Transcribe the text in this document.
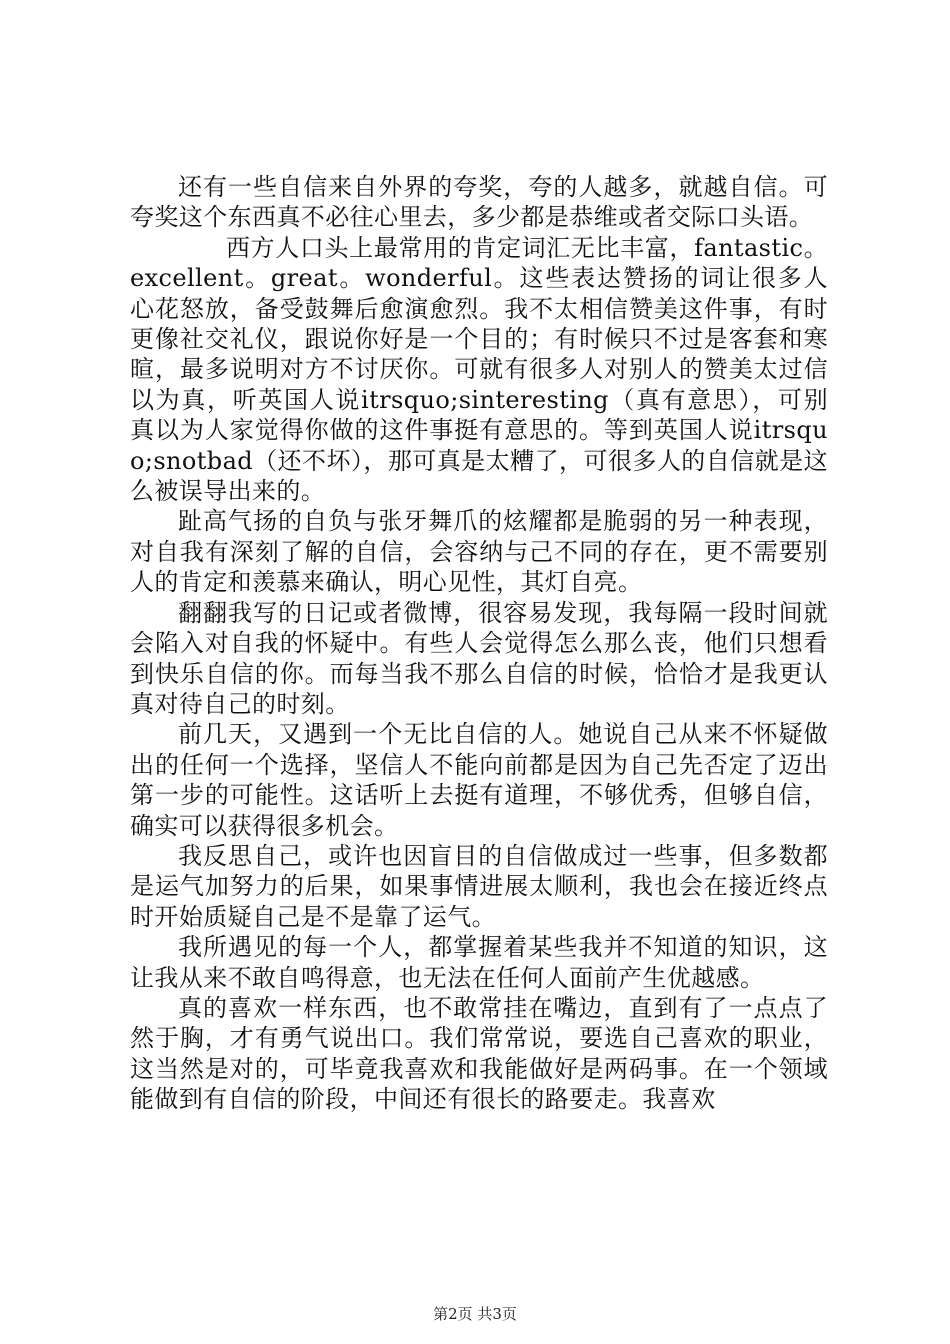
还有一些自信来自外界的夸奖，夸的人越多，就越自信。可夸奖这个东西真不必往心里去，多少都是恭维或者交际口头语。

西方人口头上最常用的肯定词汇无比丰富，fantastic。excellent。great。wonderful。这些表达赞扬的词让很多人心花怒放，备受鼓舞后愈演愈烈。我不太相信赞美这件事，有时更像社交礼仪，跟说你好是一个目的；有时候只不过是客套和寒暄，最多说明对方不讨厌你。可就有很多人对别人的赞美太过信以为真，听英国人说itrsquo;sinteresting（真有意思），可别真以为人家觉得你做的这件事挺有意思的。等到英国人说itrsquo;snotbad（还不坏），那可真是太糟了，可很多人的自信就是这么被误导出来的。

趾高气扬的自负与张牙舞爪的炫耀都是脆弱的另一种表现，对自我有深刻了解的自信，会容纳与己不同的存在，更不需要别人的肯定和羡慕来确认，明心见性，其灯自亮。

翻翻我写的日记或者微博，很容易发现，我每隔一段时间就会陷入对自我的怀疑中。有些人会觉得怎么那么丧，他们只想看到快乐自信的你。而每当我不那么自信的时候，恰恰才是我更认真对待自己的时刻。

前几天，又遇到一个无比自信的人。她说自己从来不怀疑做出的任何一个选择，坚信人不能向前都是因为自己先否定了迈出第一步的可能性。这话听上去挺有道理，不够优秀，但够自信，确实可以获得很多机会。

我反思自己，或许也因盲目的自信做成过一些事，但多数都是运气加努力的后果，如果事情进展太顺利，我也会在接近终点时开始质疑自己是不是靠了运气。

我所遇见的每一个人，都掌握着某些我并不知道的知识，这让我从来不敢自鸣得意，也无法在任何人面前产生优越感。

真的喜欢一样东西，也不敢常挂在嘴边，直到有了一点点了然于胸，才有勇气说出口。我们常常说，要选自己喜欢的职业，这当然是对的，可毕竟我喜欢和我能做好是两码事。在一个领域能做到有自信的阶段，中间还有很长的路要走。我喜欢

第2页 共3页
